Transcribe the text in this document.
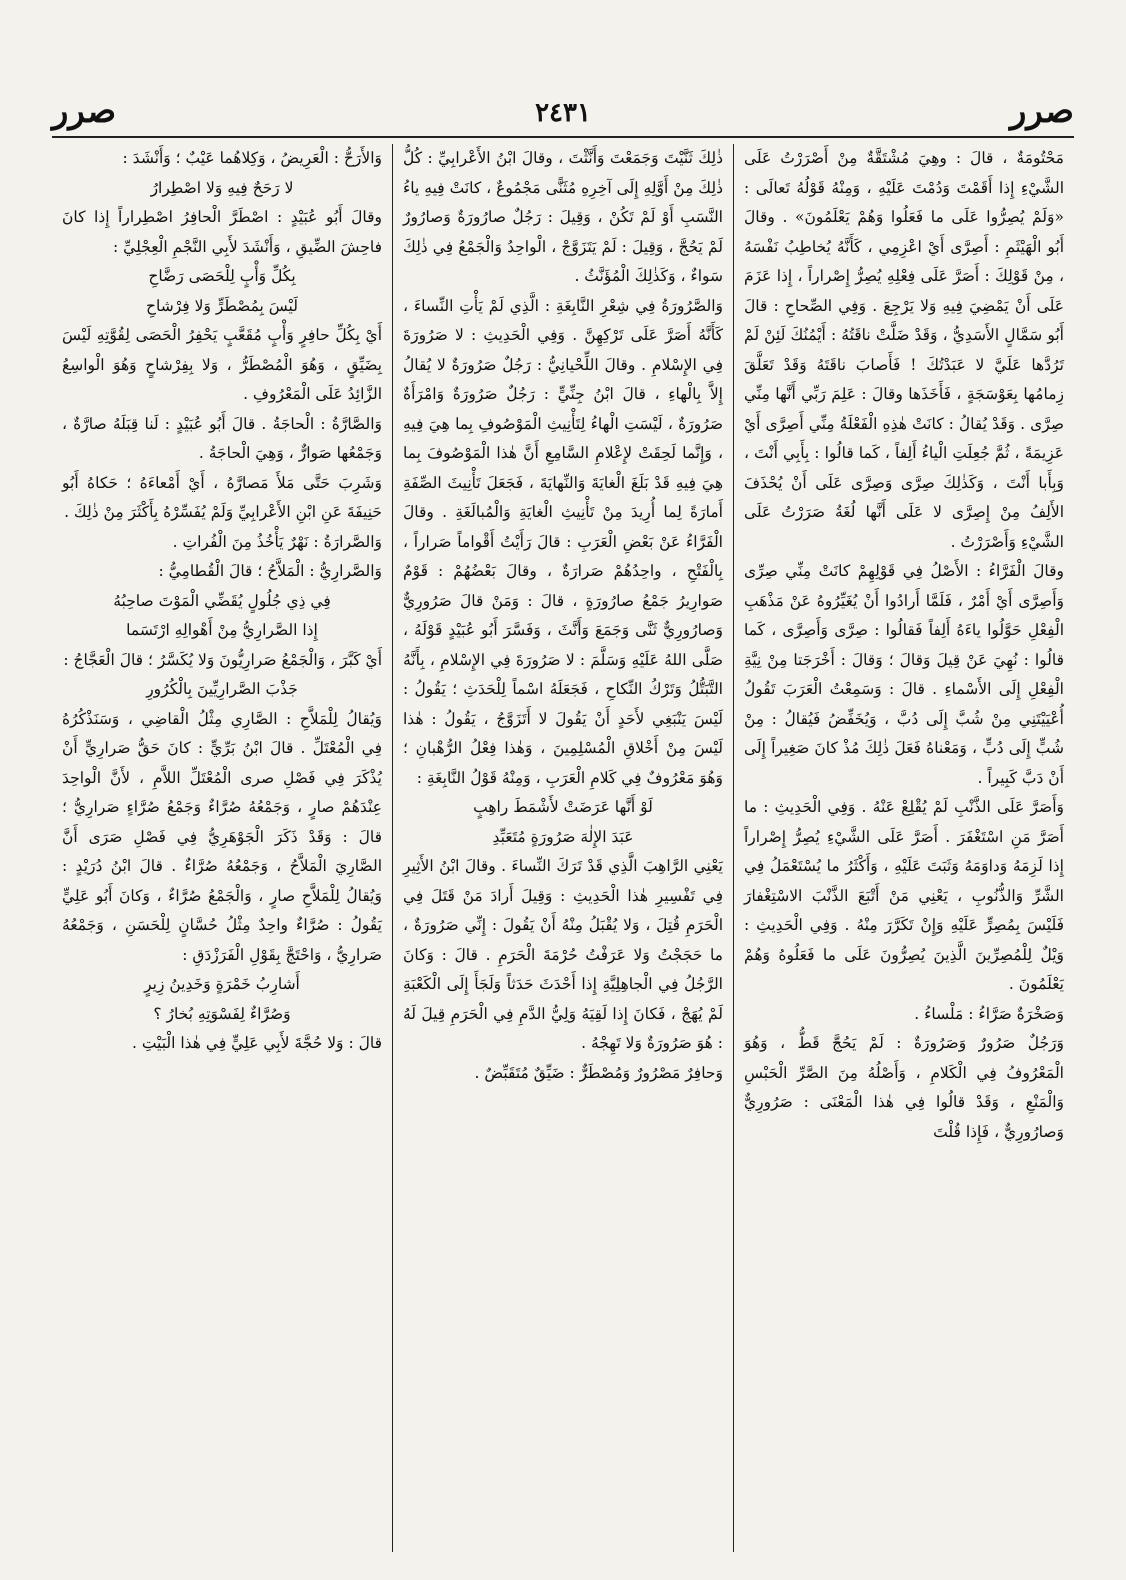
صرر
٢٤٣١
صرر

مَحْتُومَةٌ ، قالَ : وهِيَ مُشْتَقَّةٌ مِنْ أَصْرَرْتُ عَلَى الشَّيْءِ إِذا أَقَمْتَ وَدُمْتَ عَلَيْهِ ، وَمِنْهُ قَوْلُهُ تَعالَى : «وَلَمْ يُصِرُّوا عَلَى ما فَعَلُوا وَهُمْ يَعْلَمُونَ» . وقالَ أَبُو الْهَيْثَمِ : أَصِرَّى أَيْ اعْزِمِي ، كَأَنَّهُ يُخاطِبُ نَفْسَهُ ، مِنْ قَوْلِكَ : أَصَرَّ عَلَى فِعْلِهِ يُصِرُّ إِصْراراً ، إِذا عَزَمَ عَلَى أَنْ يَمْضِيَ فِيهِ وَلا يَرْجِعَ . وَفِي الصِّحاحِ : قالَ أَبُو سَمَّالٍ الأَسَدِيُّ ، وَقَدْ ضَلَّتْ ناقَتُهُ : أَيْمُنُكَ لَئِنْ لَمْ تَرُدَّها عَلَيَّ لا عَبَدْتُكَ ! فَأَصابَ ناقَتَهُ وَقَدْ تَعَلَّقَ زِمامُها بِعَوْسَجَةٍ ، فَأَخَذَها وقالَ : عَلِمَ رَبِّي أَنَّها مِنِّي صِرَّى . وَقَدْ يُقالُ : كانَتْ هٰذِهِ الْفَعْلَةُ مِنِّي أَصِرَّى أَيْ عَزِيمَةً ، ثُمَّ جُعِلَتِ الْياءُ أَلِفاً ، كَما قالُوا : بِأَبِي أَنْتَ ، وَبِأَبا أَنْتَ ، وَكَذٰلِكَ صِرَّى وَصِرَّى عَلَى أَنْ يُحْذَفَ الأَلِفُ مِنْ إِصِرَّى لا عَلَى أَنَّها لُغَةُ صَرَرْتُ عَلَى الشَّيْءِ وَأَصْرَرْتُ .

وقالَ الْفَرَّاءُ : الأَصْلُ فِي قَوْلِهِمْ كانَتْ مِنِّي صِرِّى وَأَصِرَّى أَيْ أَمْرٌ ، فَلَمَّا أَرادُوا أَنْ يُغَيِّرُوهُ عَنْ مَذْهَبِ الْفِعْلِ حَوَّلُوا ياءَهُ أَلِفاً فَقالُوا : صِرَّى وَأَصِرَّى ، كَما قالُوا : نُهِيَ عَنْ قِيلَ وَقالَ ؛ وَقالَ : أَخْرَجَتا مِنْ نِيَّةِ الْفِعْلِ إِلَى الأَسْماءِ . قالَ : وَسَمِعْتُ الْعَرَبَ تَقُولُ أُعْيَيْتَنِي مِنْ شُبَّ إِلَى دُبَّ ، وَيُخَفِّضُ فَيُقالُ : مِنْ شُبٍّ إِلَى دُبٍّ ، وَمَعْناهُ فَعَلَ ذٰلِكَ مُذْ كانَ صَغِيراً إِلَى أَنْ دَبَّ كَبِيراً .

وَأَصَرَّ عَلَى الذَّنْبِ لَمْ يُقْلِعْ عَنْهُ . وَفِي الْحَدِيثِ : ما أَصَرَّ مَنِ اسْتَغْفَرَ . أَصَرَّ عَلَى الشَّيْءِ يُصِرُّ إِصْراراً إِذا لَزِمَهُ وَداوَمَهُ وَثَبَتَ عَلَيْهِ ، وَأَكْثَرُ ما يُسْتَعْمَلُ فِي الشَّرِّ وَالذُّنُوبِ ، يَعْنِي مَنْ أَتْبَعَ الذَّنْبَ الاسْتِغْفارَ فَلَيْسَ بِمُصِرٍّ عَلَيْهِ وَإِنْ تَكَرَّرَ مِنْهُ . وَفِي الْحَدِيثِ : وَيْلٌ لِلْمُصِرِّينَ الَّذِينَ يُصِرُّونَ عَلَى ما فَعَلُوهُ وَهُمْ يَعْلَمُونَ .

وَصَخْرَةٌ صَرَّاءُ : مَلْساءُ .

وَرَجُلٌ صَرُورٌ وَصَرُورَةٌ : لَمْ يَحُجَّ قَطُّ ، وَهُوَ الْمَعْرُوفُ فِي الْكَلامِ ، وَأَصْلُهُ مِنَ الصَّرِّ الْحَبْسِ وَالْمَنْعِ ، وَقَدْ قالُوا فِي هٰذا الْمَعْنَى : صَرُورِيٌّ وَصارُورِيٌّ ، فَإِذا قُلْتَ

ذٰلِكَ ثَنَّيْتَ وَجَمَعْتَ وَأَنَّثْتَ ، وقالَ ابْنُ الأَعْرابِيِّ : كُلُّ ذٰلِكَ مِنْ أَوَّلِهِ إِلَى آخِرِهِ مُثَنًّى مَجْمُوعٌ ، كانَتْ فِيهِ ياءُ النَّسَبِ أَوْ لَمْ تَكُنْ ، وَقِيلَ : رَجُلٌ صارُورَةٌ وَصارُورٌ لَمْ يَحُجَّ ، وَقِيلَ : لَمْ يَتَزَوَّجْ ، الْواحِدُ وَالْجَمْعُ فِي ذٰلِكَ سَواءٌ ، وَكَذٰلِكَ الْمُؤَنَّثُ .

وَالصَّرُورَةُ فِي شِعْرِ النَّابِغَةِ : الَّذِي لَمْ يَأْتِ النِّساءَ ، كَأَنَّهُ أَصَرَّ عَلَى تَرْكِهِنَّ . وَفِي الْحَدِيثِ : لا صَرُورَةَ فِي الإِسْلامِ . وقالَ اللِّحْيانِيُّ : رَجُلٌ صَرُورَةٌ لا يُقالُ إِلاَّ بِالْهاءِ ، قالَ ابْنُ جِنِّيٍّ : رَجُلٌ صَرُورَةٌ وَامْرَأَةٌ صَرُورَةٌ ، لَيْسَتِ الْهاءُ لِتَأْنِيثِ الْمَوْصُوفِ بِما هِيَ فِيهِ ، وَإِنَّما لَحِقَتْ لإِعْلامِ السَّامِعِ أَنَّ هٰذا الْمَوْصُوفَ بِما هِيَ فِيهِ قَدْ بَلَغَ الْغايَةَ وَالنِّهايَةَ ، فَجَعَلَ تَأْنِيثَ الصِّفَةِ أَمارَةً لِما أُرِيدَ مِنْ تَأْنِيثِ الْغايَةِ وَالْمُبالَغَةِ . وقالَ الْفَرَّاءُ عَنْ بَعْضِ الْعَرَبِ : قالَ رَأَيْتُ أَقْواماً صَراراً ، بِالْفَتْحِ ، واحِدُهُمْ صَرارَةٌ ، وقالَ بَعْضُهُمْ : قَوْمٌ صَوارِيرُ جَمْعُ صارُورَةٍ ، قالَ : وَمَنْ قالَ صَرُورِيٌّ وَصارُورِيٌّ ثَنَّى وَجَمَعَ وَأَنَّثَ ، وَفَسَّرَ أَبُو عُبَيْدٍ قَوْلَهُ ، صَلَّى اللهُ عَلَيْهِ وَسَلَّمَ : لا صَرُورَةَ فِي الإِسْلامِ ، بِأَنَّهُ التَّبَتُّلُ وَتَرْكُ النِّكاحِ ، فَجَعَلَهُ اسْماً لِلْحَدَثِ ؛ يَقُولُ : لَيْسَ يَنْبَغِي لأَحَدٍ أَنْ يَقُولَ لا أَتَزَوَّجُ ، يَقُولُ : هٰذا لَيْسَ مِنْ أَخْلاقِ الْمُسْلِمِينَ ، وَهٰذا فِعْلُ الرُّهْبانِ ؛ وَهُوَ مَعْرُوفٌ فِي كَلامِ الْعَرَبِ ، وَمِنْهُ قَوْلُ النَّابِغَةِ :

لَوْ أَنَّها عَرَضَتْ لأَشْمَطَ راهِبٍ

عَبَدَ الإِلٰهَ صَرُورَةٍ مُتَعَبِّدِ

يَعْنِي الرَّاهِبَ الَّذِي قَدْ تَرَكَ النِّساءَ . وقالَ ابْنُ الأَثِيرِ فِي تَفْسِيرِ هٰذا الْحَدِيثِ : وَقِيلَ أَرادَ مَنْ قَتَلَ فِي الْحَرَمِ قُتِلَ ، وَلا يُقْبَلُ مِنْهُ أَنْ يَقُولَ : إِنِّي صَرُورَةٌ ، ما حَجَجْتُ وَلا عَرَفْتُ حُرْمَةَ الْحَرَمِ . قالَ : وَكانَ الرَّجُلُ فِي الْجاهِلِيَّةِ إِذا أَحْدَثَ حَدَثاً وَلَجَأَ إِلَى الْكَعْبَةِ لَمْ يُهَجْ ، فَكانَ إِذا لَقِيَهُ وَلِيُّ الدَّمِ فِي الْحَرَمِ قِيلَ لَهُ : هُوَ صَرُورَةٌ وَلا تَهِجْهُ .

وَحافِرٌ مَصْرُورٌ وَمُصْطَرٌّ : ضَيِّقٌ مُتَقَبِّضٌ .

وَالأَرَحُّ : الْعَرِيضُ ، وَكِلاهُما عَيْبٌ ؛ وَأَنْشَدَ :

لا رَحَحٌ فِيهِ وَلا اصْطِرارُ

وقالَ أَبُو عُبَيْدٍ : اصْطَرَّ الْحافِرُ اصْطِراراً إِذا كانَ فاحِشَ الضِّيقِ ، وَأَنْشَدَ لأَبِي النَّجْمِ الْعِجْلِيِّ :

بِكُلِّ وَأْبٍ لِلْحَصَى رَضَّاحِ

لَيْسَ بِمُصْطَرٍّ وَلا فِرْشاحِ

أَيْ بِكُلِّ حافِرٍ وَأْبٍ مُقَعَّبٍ يَحْفِرُ الْحَصَى لِقُوَّتِهِ لَيْسَ بِضَيِّقٍ ، وَهُوَ الْمُصْطَرُّ ، وَلا بِفِرْشاحٍ وَهُوَ الْواسِعُ الزَّائِدُ عَلَى الْمَعْرُوفِ .

وَالصَّارَّةُ : الْحاجَةُ . قالَ أَبُو عُبَيْدٍ : لَنا قِبَلَهُ صارَّةٌ ، وَجَمْعُها صَوارٌّ ، وَهِيَ الْحاجَةُ .

وَشَرِبَ حَتَّى مَلأَ مَصارَّهُ ، أَيْ أَمْعاءَهُ ؛ حَكاهُ أَبُو حَنِيفَةَ عَنِ ابْنِ الأَعْرابِيِّ وَلَمْ يُفَسِّرْهُ بِأَكْثَرَ مِنْ ذٰلِكَ .

وَالصَّرارَةُ : نَهْرٌ يَأْخُذُ مِنَ الْفُراتِ .

وَالصَّرارِيُّ : الْمَلاَّحُ ؛ قالَ الْقُطامِيُّ :

فِي ذِي جُلُولٍ يُقَضِّي الْمَوْتَ صاحِبُهُ

إِذا الصَّرارِيُّ مِنْ أَهْوالِهِ ارْتَسَما

أَيْ كَبَّرَ ، وَالْجَمْعُ صَرارِيُّونَ وَلا يُكَسَّرُ ؛ قالَ الْعَجَّاجُ :

جَذْبَ الصَّرارِيِّينَ بِالْكُرُورِ

وَيُقالُ لِلْمَلاَّحِ : الصَّارِي مِثْلُ الْقاضِي ، وَسَنَذْكُرُهُ فِي الْمُعْتَلِّ . قالَ ابْنُ بَرِّيٍّ : كانَ حَقُّ صَرارِيٍّ أَنْ يُذْكَرَ فِي فَصْلِ صرى الْمُعْتَلِّ اللاَّمِ ، لأَنَّ الْواحِدَ عِنْدَهُمْ صارٍ ، وَجَمْعُهُ صُرَّاءٌ وَجَمْعُ صُرَّاءٍ صَرارِيُّ ؛ قالَ : وَقَدْ ذَكَرَ الْجَوْهَرِيُّ فِي فَصْلِ صَرَى أَنَّ الصَّارِيَ الْمَلاَّحُ ، وَجَمْعُهُ صُرَّاءٌ . قالَ ابْنُ دُرَيْدٍ : وَيُقالُ لِلْمَلاَّحِ صارٍ ، وَالْجَمْعُ صُرَّاءٌ ، وَكانَ أَبُو عَلِيٍّ يَقُولُ : صُرَّاءٌ واحِدٌ مِثْلُ حُسَّانٍ لِلْحَسَنِ ، وَجَمْعُهُ صَرارِيُّ ، وَاحْتَجَّ بِقَوْلِ الْفَرَزْدَقِ :

أَشارِبُ خَمْرَةٍ وَخَدِينُ زِيرٍ

وَصُرَّاءٌ لِفَسْوَتِهِ بُخارُ ؟

قالَ : وَلا حُجَّةَ لأَبِي عَلِيٍّ فِي هٰذا الْبَيْتِ .
